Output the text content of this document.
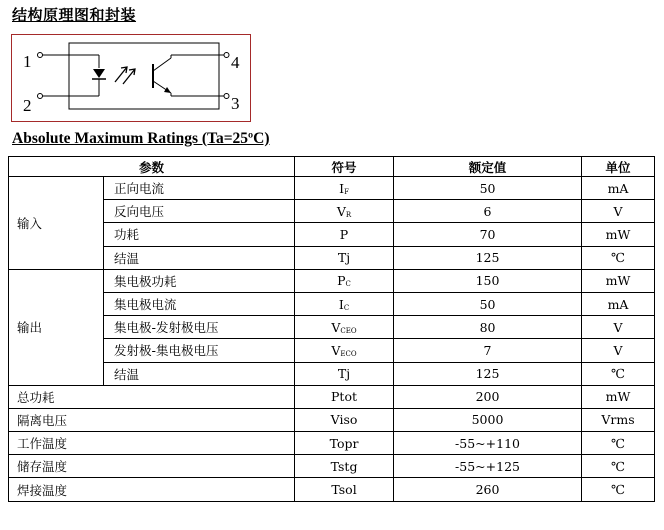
结构原理图和封装
1
2
4
3
Absolute Maximum Ratings (Ta=25ºC)
参数		符号	额定值	单位
输入	正向电流	IF	50	mA
	反向电压	VR	6	V
	功耗	P	70	mW
	结温	Tj	125	℃
输出	集电极功耗	PC	150	mW
	集电极电流	IC	50	mA
	集电极-发射极电压	VCEO	80	V
	发射极-集电极电压	VECO	7	V
	结温	Tj	125	℃
总功耗		Ptot	200	mW
隔离电压		Viso	5000	Vrms
工作温度		Topr	-55~+110	℃
储存温度		Tstg	-55~+125	℃
焊接温度		Tsol	260	℃
